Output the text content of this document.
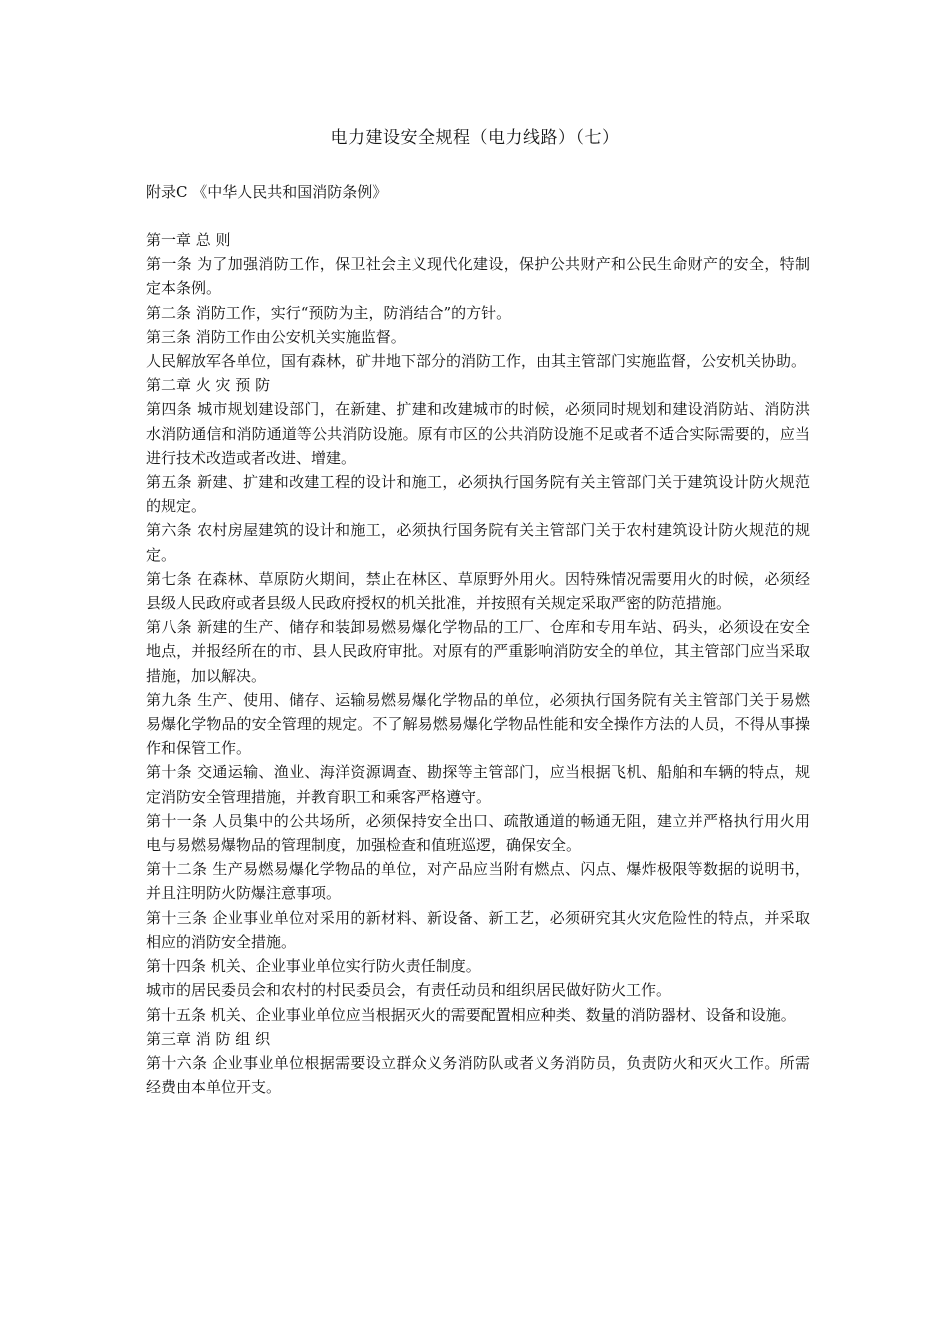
电力建设安全规程（电力线路）（七）
附录C 《中华人民共和国消防条例》

第一章 总 则

第一条 为了加强消防工作，保卫社会主义现代化建设，保护公共财产和公民生命财产的安全，特制定本条例。

第二条 消防工作，实行“预防为主，防消结合”的方针。

第三条 消防工作由公安机关实施监督。

人民解放军各单位，国有森林，矿井地下部分的消防工作，由其主管部门实施监督，公安机关协助。

第二章 火 灾 预 防

第四条 城市规划建设部门，在新建、扩建和改建城市的时候，必须同时规划和建设消防站、消防洪水消防通信和消防通道等公共消防设施。原有市区的公共消防设施不足或者不适合实际需要的，应当进行技术改造或者改进、增建。

第五条 新建、扩建和改建工程的设计和施工，必须执行国务院有关主管部门关于建筑设计防火规范的规定。

第六条 农村房屋建筑的设计和施工，必须执行国务院有关主管部门关于农村建筑设计防火规范的规定。

第七条 在森林、草原防火期间，禁止在林区、草原野外用火。因特殊情况需要用火的时候，必须经县级人民政府或者县级人民政府授权的机关批准，并按照有关规定采取严密的防范措施。

第八条 新建的生产、储存和装卸易燃易爆化学物品的工厂、仓库和专用车站、码头，必须设在安全地点，并报经所在的市、县人民政府审批。对原有的严重影响消防安全的单位，其主管部门应当采取措施，加以解决。

第九条 生产、使用、储存、运输易燃易爆化学物品的单位，必须执行国务院有关主管部门关于易燃易爆化学物品的安全管理的规定。不了解易燃易爆化学物品性能和安全操作方法的人员，不得从事操作和保管工作。

第十条 交通运输、渔业、海洋资源调查、勘探等主管部门，应当根据飞机、船舶和车辆的特点，规定消防安全管理措施，并教育职工和乘客严格遵守。

第十一条 人员集中的公共场所，必须保持安全出口、疏散通道的畅通无阻，建立并严格执行用火用电与易燃易爆物品的管理制度，加强检查和值班巡逻，确保安全。

第十二条 生产易燃易爆化学物品的单位，对产品应当附有燃点、闪点、爆炸极限等数据的说明书，并且注明防火防爆注意事项。

第十三条 企业事业单位对采用的新材料、新设备、新工艺，必须研究其火灾危险性的特点，并采取相应的消防安全措施。

第十四条 机关、企业事业单位实行防火责任制度。

城市的居民委员会和农村的村民委员会，有责任动员和组织居民做好防火工作。

第十五条 机关、企业事业单位应当根据灭火的需要配置相应种类、数量的消防器材、设备和设施。

第三章 消 防 组 织

第十六条 企业事业单位根据需要设立群众义务消防队或者义务消防员，负责防火和灭火工作。所需经费由本单位开支。
